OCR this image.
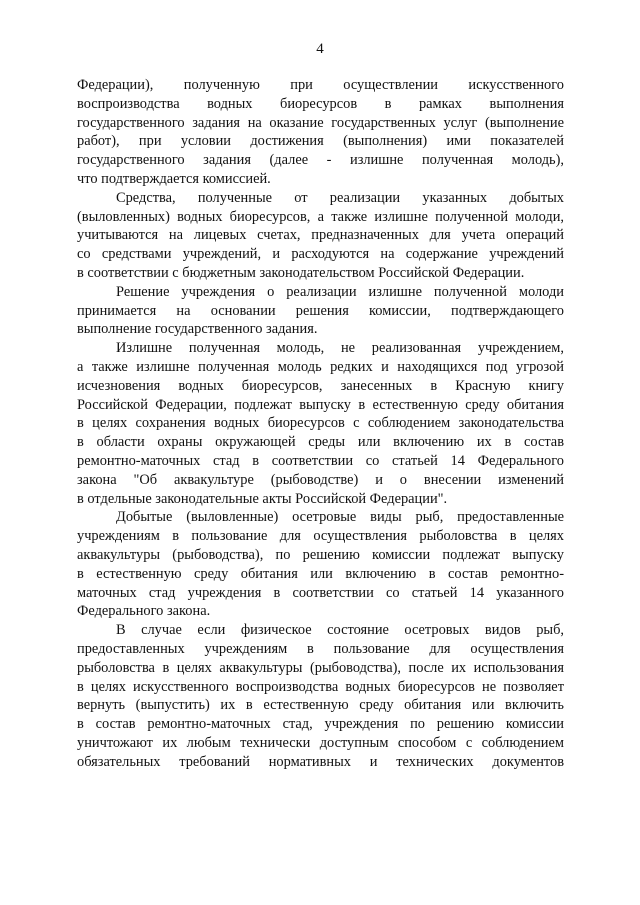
4
Федерации), полученную при осуществлении искусственного
воспроизводства водных биоресурсов в рамках выполнения
государственного задания на оказание государственных услуг (выполнение
работ), при условии достижения (выполнения) ими показателей
государственного задания (далее - излишне полученная молодь),
что подтверждается комиссией.
Средства, полученные от реализации указанных добытых
(выловленных) водных биоресурсов, а также излишне полученной молоди,
учитываются на лицевых счетах, предназначенных для учета операций
со средствами учреждений, и расходуются на содержание учреждений
в соответствии с бюджетным законодательством Российской Федерации.
Решение учреждения о реализации излишне полученной молоди
принимается на основании решения комиссии, подтверждающего
выполнение государственного задания.
Излишне полученная молодь, не реализованная учреждением,
а также излишне полученная молодь редких и находящихся под угрозой
исчезновения водных биоресурсов, занесенных в Красную книгу
Российской Федерации, подлежат выпуску в естественную среду обитания
в целях сохранения водных биоресурсов с соблюдением законодательства
в области охраны окружающей среды или включению их в состав
ремонтно-маточных стад в соответствии со статьей 14 Федерального
закона "Об аквакультуре (рыбоводстве) и о внесении изменений
в отдельные законодательные акты Российской Федерации".
Добытые (выловленные) осетровые виды рыб, предоставленные
учреждениям в пользование для осуществления рыболовства в целях
аквакультуры (рыбоводства), по решению комиссии подлежат выпуску
в естественную среду обитания или включению в состав ремонтно-
маточных стад учреждения в соответствии со статьей 14 указанного
Федерального закона.
В случае если физическое состояние осетровых видов рыб,
предоставленных учреждениям в пользование для осуществления
рыболовства в целях аквакультуры (рыбоводства), после их использования
в целях искусственного воспроизводства водных биоресурсов не позволяет
вернуть (выпустить) их в естественную среду обитания или включить
в состав ремонтно-маточных стад, учреждения по решению комиссии
уничтожают их любым технически доступным способом с соблюдением
обязательных требований нормативных и технических документов
